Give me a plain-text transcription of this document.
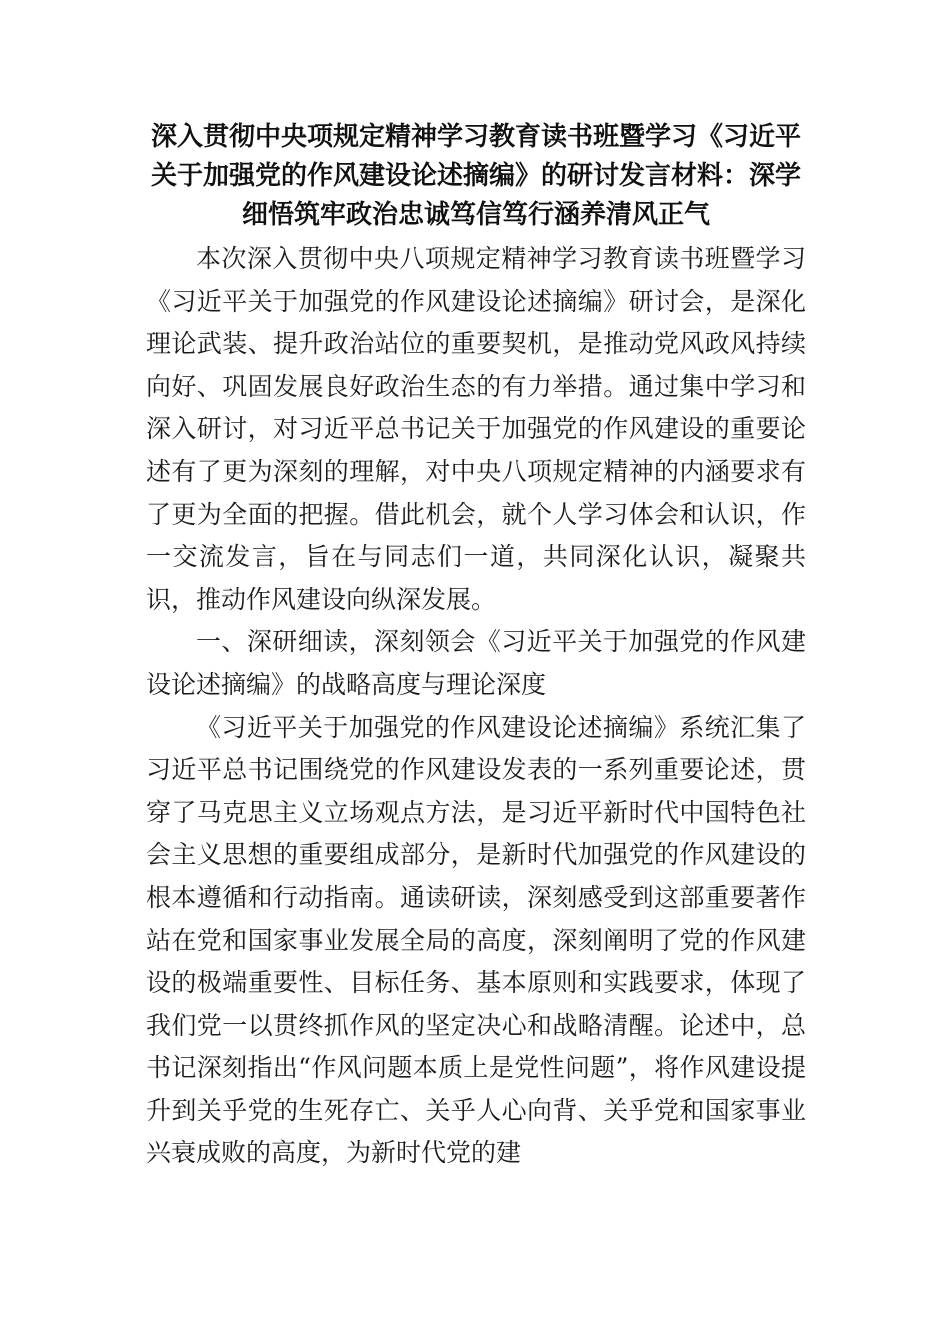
深入贯彻中央项规定精神学习教育读书班暨学习《习近平关于加强党的作风建设论述摘编》的研讨发言材料：深学细悟筑牢政治忠诚笃信笃行涵养清风正气

本次深入贯彻中央八项规定精神学习教育读书班暨学习《习近平关于加强党的作风建设论述摘编》研讨会，是深化理论武装、提升政治站位的重要契机，是推动党风政风持续向好、巩固发展良好政治生态的有力举措。通过集中学习和深入研讨，对习近平总书记关于加强党的作风建设的重要论述有了更为深刻的理解，对中央八项规定精神的内涵要求有了更为全面的把握。借此机会，就个人学习体会和认识，作一交流发言，旨在与同志们一道，共同深化认识，凝聚共识，推动作风建设向纵深发展。

一、深研细读，深刻领会《习近平关于加强党的作风建设论述摘编》的战略高度与理论深度

《习近平关于加强党的作风建设论述摘编》系统汇集了习近平总书记围绕党的作风建设发表的一系列重要论述，贯穿了马克思主义立场观点方法，是习近平新时代中国特色社会主义思想的重要组成部分，是新时代加强党的作风建设的根本遵循和行动指南。通读研读，深刻感受到这部重要著作站在党和国家事业发展全局的高度，深刻阐明了党的作风建设的极端重要性、目标任务、基本原则和实践要求，体现了我们党一以贯终抓作风的坚定决心和战略清醒。论述中，总书记深刻指出“作风问题本质上是党性问题”，将作风建设提升到关乎党的生死存亡、关乎人心向背、关乎党和国家事业兴衰成败的高度，为新时代党的建
